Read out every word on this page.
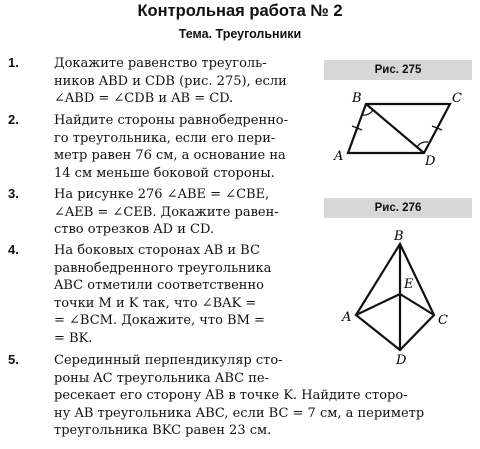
Контрольная работа № 2
Тема. Треугольники
1.	Докажите равенство треуголь-
ников ABD и CDB (рис. 275), если
∠ABD = ∠CDB и AB = CD.
2.	Найдите стороны равнобедренно-
го треугольника, если его пери-
метр равен 76 см, а основание на
14 см меньше боковой стороны.
3.	На рисунке 276 ∠ABE = ∠CBE,
∠AEB = ∠CEB. Докажите равен-
ство отрезков AD и CD.
4.	На боковых сторонах AB и BC
равнобедренного треугольника
ABC отметили соответственно
точки M и K так, что ∠BAK =
= ∠BCM. Докажите, что BM =
= BK.
5.	Серединный перпендикуляр сто-
роны AC треугольника ABC пе-
ресекает его сторону AB в точке K. Найдите сторо-
ну AB треугольника ABC, если BC = 7 см, а периметр
треугольника BKC равен 23 см.
Рис. 275
B	C
A	D
Рис. 276
B
E
A	C
D
